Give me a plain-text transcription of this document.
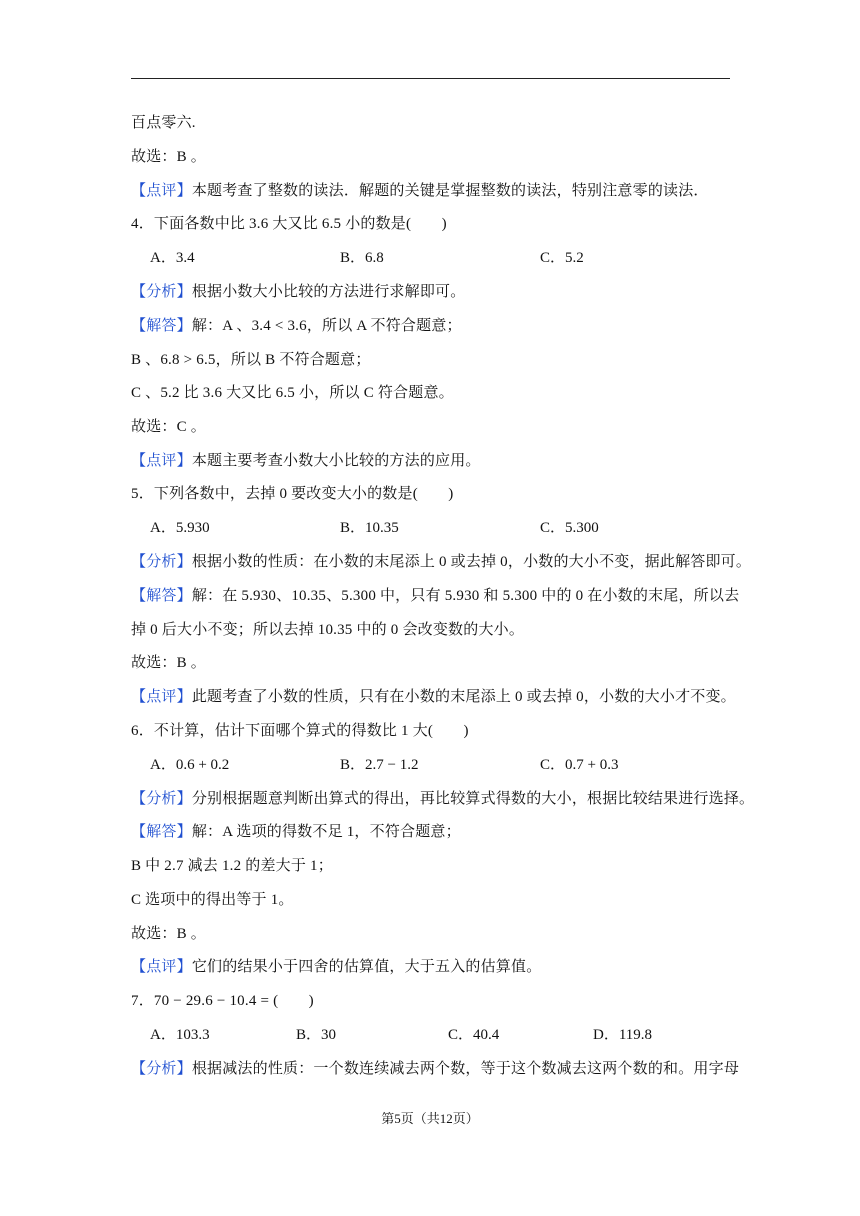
百点零六.
故选：B 。
【点评】本题考查了整数的读法．解题的关键是掌握整数的读法，特别注意零的读法．
4．下面各数中比 3.6 大又比 6.5 小的数是(　　)
A．3.4	B．6.8	C．5.2
【分析】根据小数大小比较的方法进行求解即可。
【解答】解：A 、3.4 < 3.6，所以 A 不符合题意；
B 、6.8 > 6.5，所以 B 不符合题意；
C 、5.2 比 3.6 大又比 6.5 小，所以 C 符合题意。
故选：C 。
【点评】本题主要考查小数大小比较的方法的应用。
5．下列各数中，去掉 0 要改变大小的数是(　　)
A．5.930	B．10.35	C．5.300
【分析】根据小数的性质：在小数的末尾添上 0 或去掉 0，小数的大小不变，据此解答即可。
【解答】解：在 5.930、10.35、5.300 中，只有 5.930 和 5.300 中的 0 在小数的末尾，所以去
掉 0 后大小不变；所以去掉 10.35 中的 0 会改变数的大小。
故选：B 。
【点评】此题考查了小数的性质，只有在小数的末尾添上 0 或去掉 0，小数的大小才不变。
6．不计算，估计下面哪个算式的得数比 1 大(　　)
A．0.6 + 0.2	B．2.7 − 1.2	C．0.7 + 0.3
【分析】分别根据题意判断出算式的得出，再比较算式得数的大小，根据比较结果进行选择。
【解答】解：A 选项的得数不足 1，不符合题意；
B 中 2.7 减去 1.2 的差大于 1；
C 选项中的得出等于 1。
故选：B 。
【点评】它们的结果小于四舍的估算值，大于五入的估算值。
7．70 − 29.6 − 10.4 = (　　)
A．103.3	B．30	C．40.4	D．119.8
【分析】根据减法的性质：一个数连续减去两个数，等于这个数减去这两个数的和。用字母
第5页（共12页）
